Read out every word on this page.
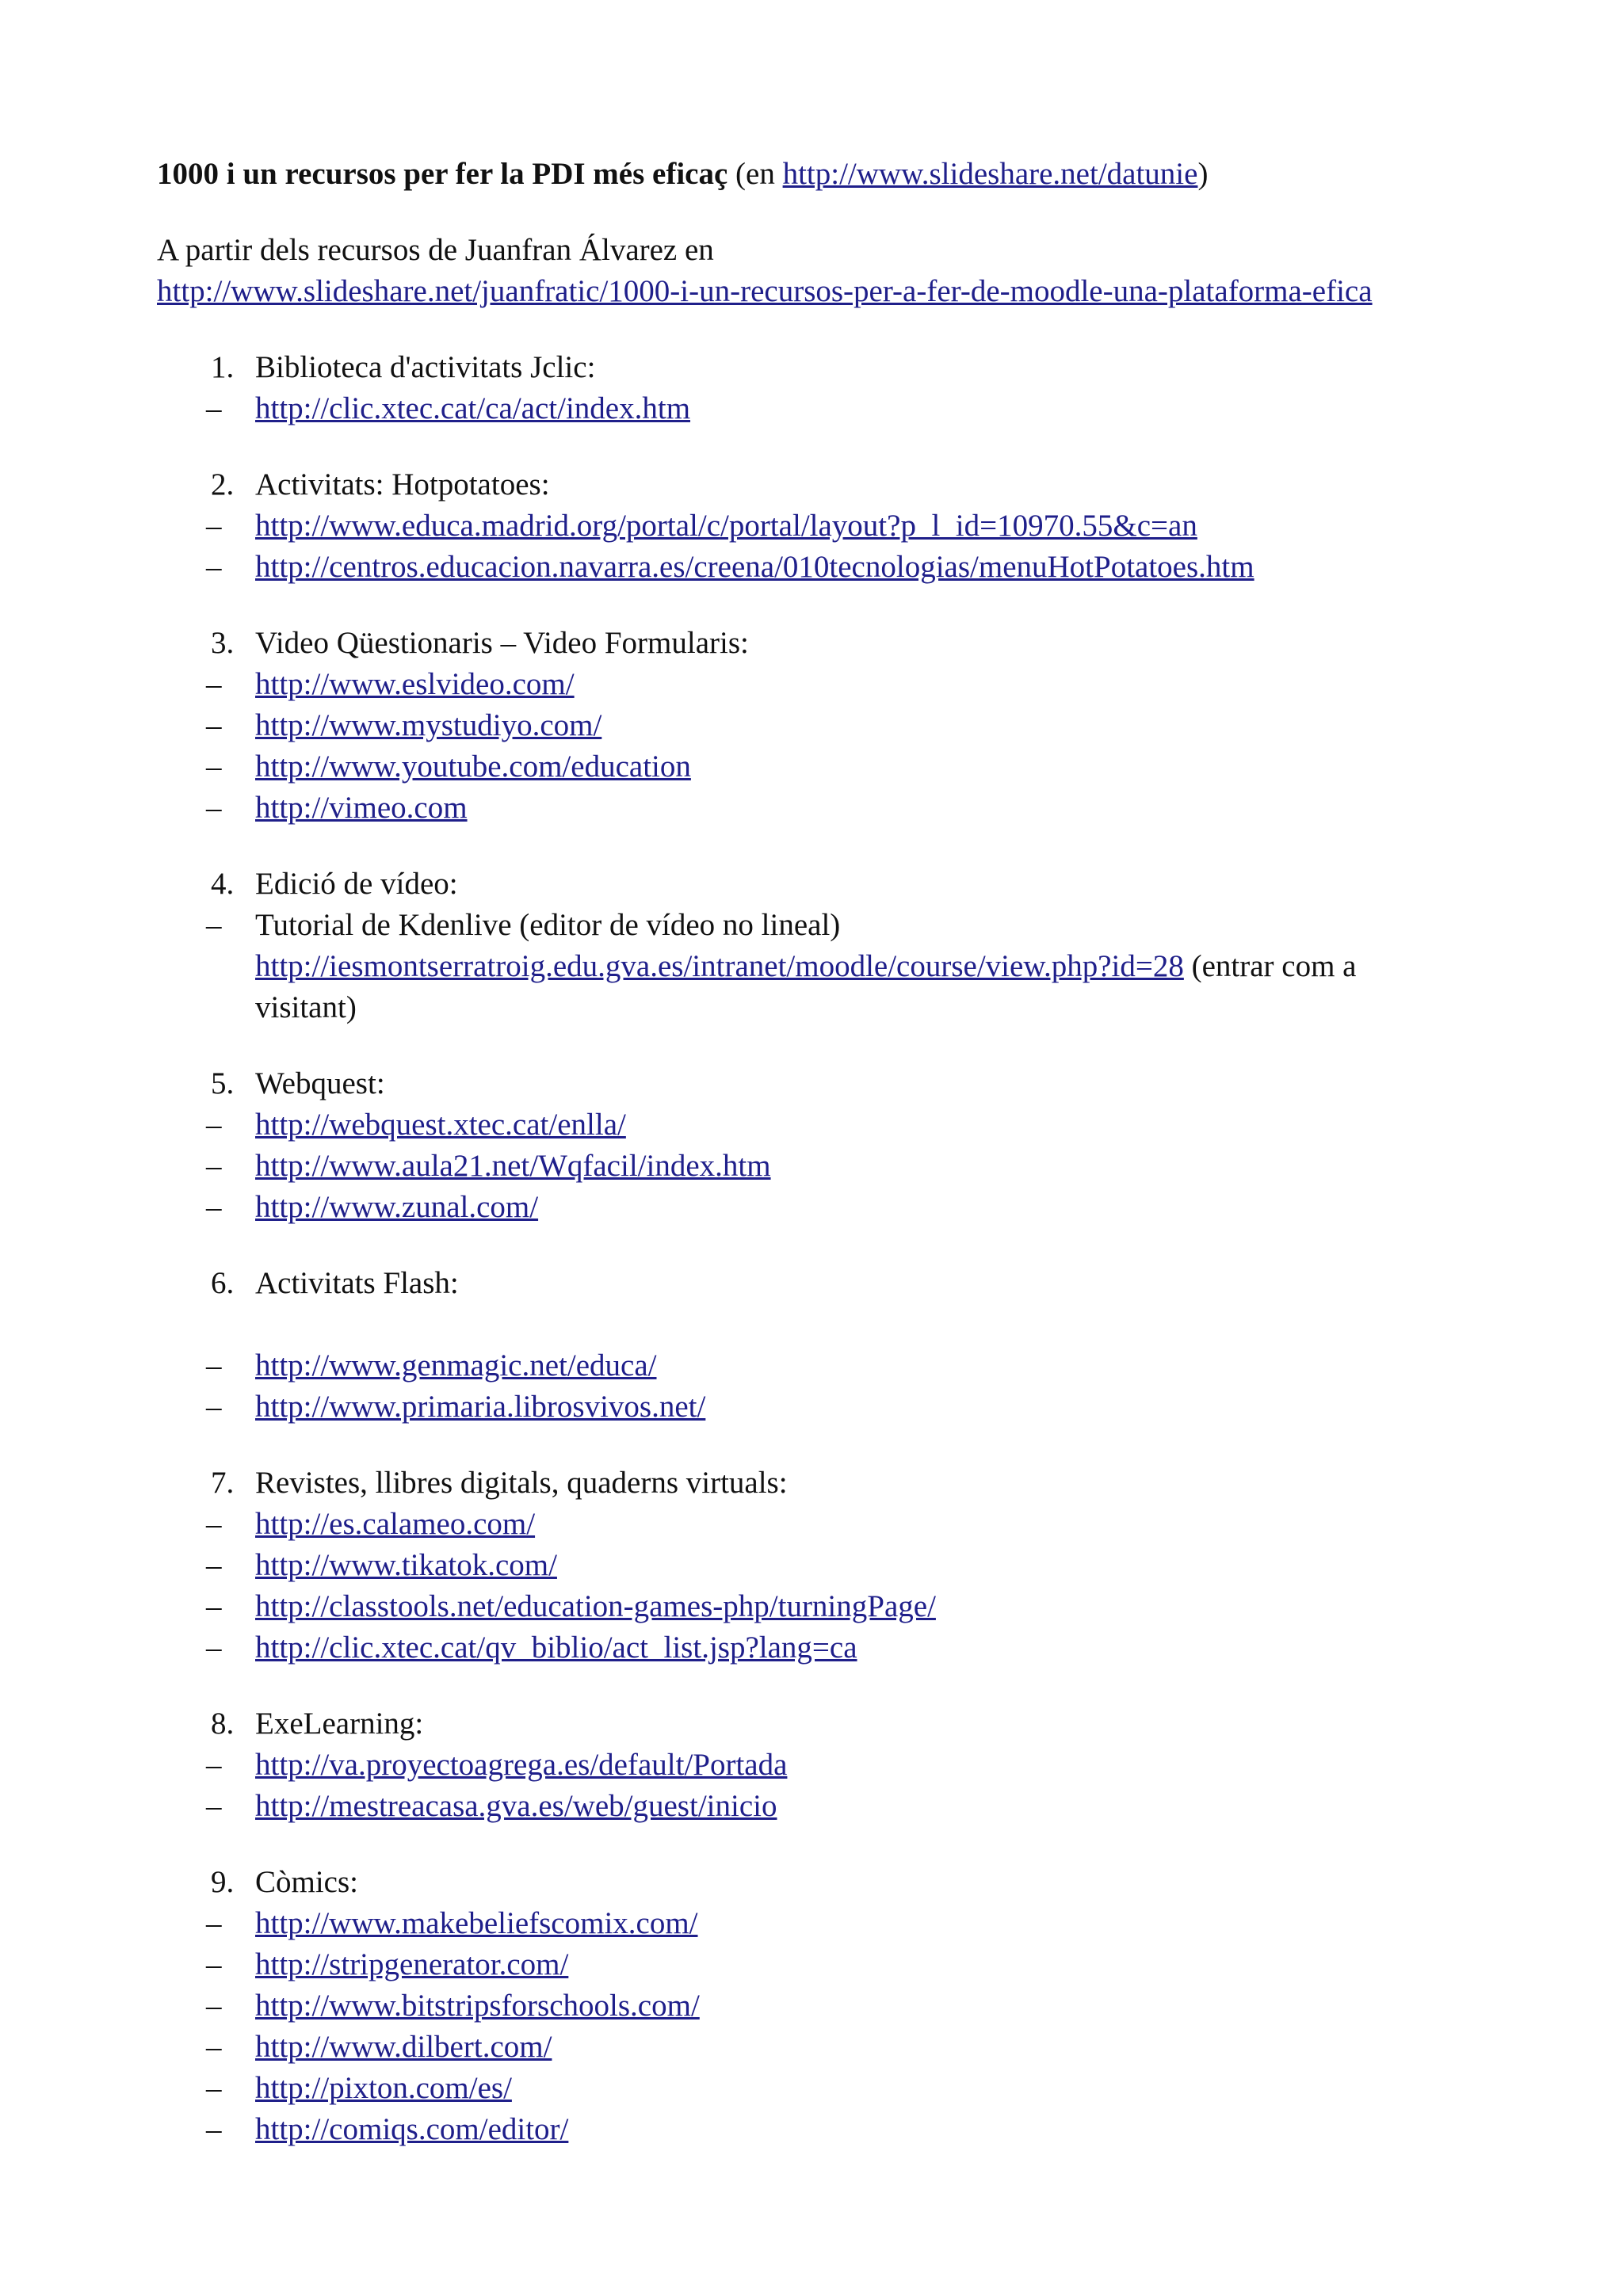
1000 i un recursos per fer la PDI més eficaç (en http://www.slideshare.net/datunie)

A partir dels recursos de Juanfran Álvarez en
http://www.slideshare.net/juanfratic/1000-i-un-recursos-per-a-fer-de-moodle-una-plataforma-efica
1. Biblioteca d'activitats Jclic:
–	http://clic.xtec.cat/ca/act/index.htm
2. Activitats: Hotpotatoes:
–	http://www.educa.madrid.org/portal/c/portal/layout?p_l_id=10970.55&c=an
–	http://centros.educacion.navarra.es/creena/010tecnologias/menuHotPotatoes.htm
3. Video Qüestionaris – Video Formularis:
–	http://www.eslvideo.com/
–	http://www.mystudiyo.com/
–	http://www.youtube.com/education
–	http://vimeo.com
4. Edició de vídeo:
–	Tutorial de Kdenlive (editor de vídeo no lineal)
http://iesmontserratroig.edu.gva.es/intranet/moodle/course/view.php?id=28 (entrar com a
visitant)
5. Webquest:
–	http://webquest.xtec.cat/enlla/
–	http://www.aula21.net/Wqfacil/index.htm
–	http://www.zunal.com/
6. Activitats Flash:
–	http://www.genmagic.net/educa/
–	http://www.primaria.librosvivos.net/
7. Revistes, llibres digitals, quaderns virtuals:
–	http://es.calameo.com/
–	http://www.tikatok.com/
–	http://classtools.net/education-games-php/turningPage/
–	http://clic.xtec.cat/qv_biblio/act_list.jsp?lang=ca
8. ExeLearning:
–	http://va.proyectoagrega.es/default/Portada
–	http://mestreacasa.gva.es/web/guest/inicio
9. Còmics:
–	http://www.makebeliefscomix.com/
–	http://stripgenerator.com/
–	http://www.bitstripsforschools.com/
–	http://www.dilbert.com/
–	http://pixton.com/es/
–	http://comiqs.com/editor/
